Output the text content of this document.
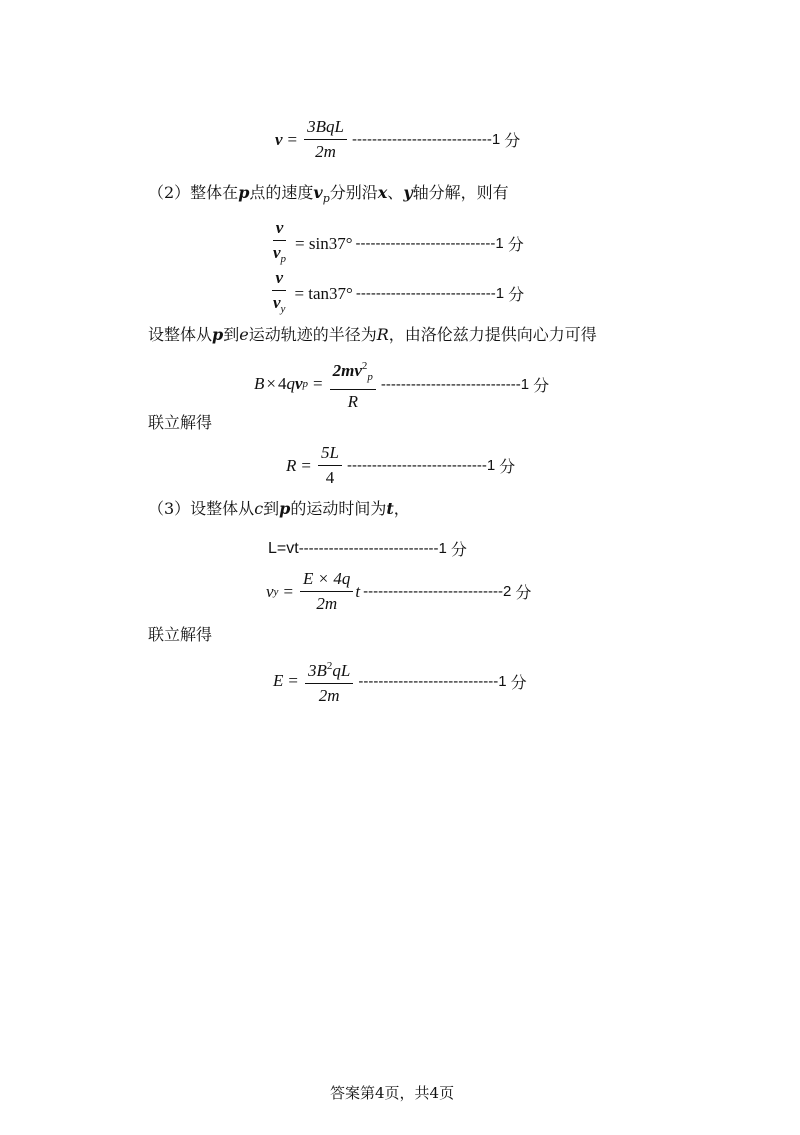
$v = \frac{\text{3BqL}}{2m} ----------------------------1$ 分
（2）整体在p点的速度$v_p$分别沿x、y轴分解，则有
$\frac{v}{v_p} = \sin 37^\circ$ ----------------------------1 分
$\frac{v}{v_y} = \tan 37^\circ$ ----------------------------1 分
设整体从p到e运动轨迹的半径为R，由洛伦兹力提供向心力可得
B × 4 q v $p = \frac{2mv^2_p}{R} ----------------------------1$ 分
联立解得
$R = \frac{5L}{4} ----------------------------1$ 分
（3）设整体从c到p的运动时间为t，
L=vt ----------------------------1 分
v $y = \frac{E \times 4q}{2m}$ t ----------------------------2 分
联立解得
$E = \frac{3B^2qL}{2m} ----------------------------1$ 分
答案第4页，共4页
